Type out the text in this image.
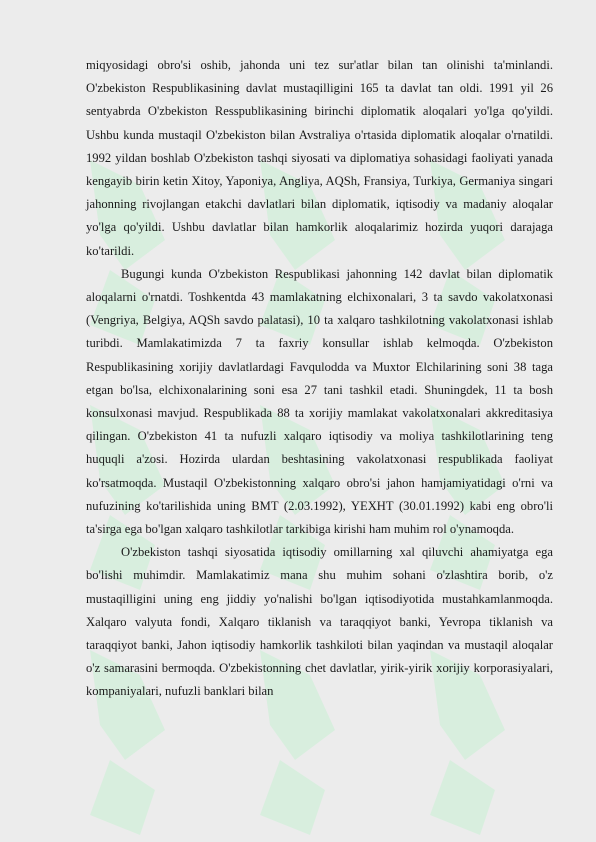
miqyosidagi obro'si oshib, jahonda uni tez sur'atlar bilan tan olinishi ta'minlandi. O'zbekiston Respublikasining davlat mustaqilligini 165 ta davlat tan oldi. 1991 yil 26 sentyabrda O'zbekiston Resspublikasining birinchi diplomatik aloqalari yo'lga qo'yildi. Ushbu kunda mustaqil O'zbekiston bilan Avstraliya o'rtasida diplomatik aloqalar o'rnatildi. 1992 yildan boshlab O'zbekiston tashqi siyosati va diplomatiya sohasidagi faoliyati yanada kengayib birin ketin Xitoy, Yaponiya, Angliya, AQSh, Fransiya, Turkiya, Germaniya singari jahonning rivojlangan etakchi davlatlari bilan diplomatik, iqtisodiy va madaniy aloqalar yo'lga qo'yildi. Ushbu davlatlar bilan hamkorlik aloqalarimiz hozirda yuqori darajaga ko'tarildi.

Bugungi kunda O'zbekiston Respublikasi jahonning 142 davlat bilan diplomatik aloqalarni o'rnatdi. Toshkentda 43 mamlakatning elchixonalari, 3 ta savdo vakolatxonasi (Vengriya, Belgiya, AQSh savdo palatasi), 10 ta xalqaro tashkilotning vakolatxonasi ishlab turibdi. Mamlakatimizda 7 ta faxriy konsullar ishlab kelmoqda. O'zbekiston Respublikasining xorijiy davlatlardagi Favqulodda va Muxtor Elchilarining soni 38 taga etgan bo'lsa, elchixonalarining soni esa 27 tani tashkil etadi. Shuningdek, 11 ta bosh konsulxonasi mavjud. Respublikada 88 ta xorijiy mamlakat vakolatxonalari akkreditasiya qilingan. O'zbekiston 41 ta nufuzli xalqaro iqtisodiy va moliya tashkilotlarining teng huquqli a'zosi. Hozirda ulardan beshtasining vakolatxonasi respublikada faoliyat ko'rsatmoqda. Mustaqil O'zbekistonning xalqaro obro'si jahon hamjamiyatidagi o'rni va nufuzining ko'tarilishida uning BMT (2.03.1992), YEXHT (30.01.1992) kabi eng obro'li ta'sirga ega bo'lgan xalqaro tashkilotlar tarkibiga kirishi ham muhim rol o'ynamoqda.

O'zbekiston tashqi siyosatida iqtisodiy omillarning xal qiluvchi ahamiyatga ega bo'lishi muhimdir. Mamlakatimiz mana shu muhim sohani o'zlashtira borib, o'z mustaqilligini uning eng jiddiy yo'nalishi bo'lgan iqtisodiyotida mustahkamlanmoqda. Xalqaro valyuta fondi, Xalqaro tiklanish va taraqqiyot banki, Yevropa tiklanish va taraqqiyot banki, Jahon iqtisodiy hamkorlik tashkiloti bilan yaqindan va mustaqil aloqalar o'z samarasini bermoqda. O'zbekistonning chet davlatlar, yirik-yirik xorijiy korporasiyalari, kompaniyalari, nufuzli banklari bilan
